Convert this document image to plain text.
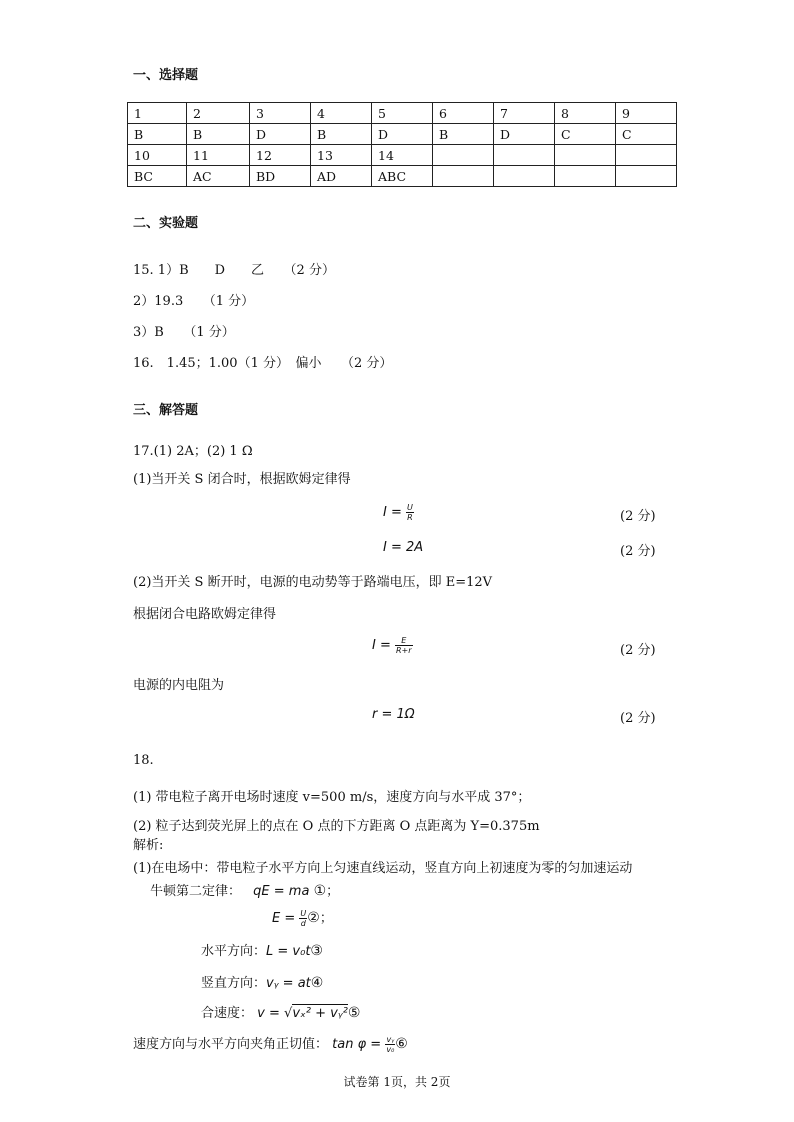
一、选择题
1	2	3	4	5	6	7	8	9
B	B	D	B	D	B	D	C	C
10	11	12	13	14				
BC	AC	BD	AD	ABC				
二、实验题
15. 1）B　　D　　乙　　（2 分）
2）19.3　　（1 分）
3）B　　（1 分）
16.　1.45；1.00（1 分）　偏小　　（2 分）
三、解答题
17.(1) 2A；(2) 1 Ω
(1)当开关 S 闭合时，根据欧姆定律得
$I = \frac{U}{R}$	(2 分)
I = 2A	(2 分)
(2)当开关 S 断开时，电源的电动势等于路端电压，即 E=12V
根据闭合电路欧姆定律得
$I = \frac{E}{R+r}$	(2 分)
电源的内电阻为
r = 1Ω	(2 分)
18.
(1) 带电粒子离开电场时速度 v=500 m/s，速度方向与水平成 37°；
(2) 粒子达到荧光屏上的点在 O 点的下方距离 O 点距离为 Y=0.375m
解析:
(1)在电场中：带电粒子水平方向上匀速直线运动，竖直方向上初速度为零的匀加速运动
牛顿第二定律： qE = ma ①；
$E = \frac{U}{d}$ ②；
水平方向：L = v₀t③
竖直方向：vᵧ = at④
合速度： v = √vₓ² + vᵧ²⑤
速度方向与水平方向夹角正切值： $\tan \varphi = \frac{\text{vᵧ}}{\text{v₀}}$ ⑥
试卷第 1页，共 2页
